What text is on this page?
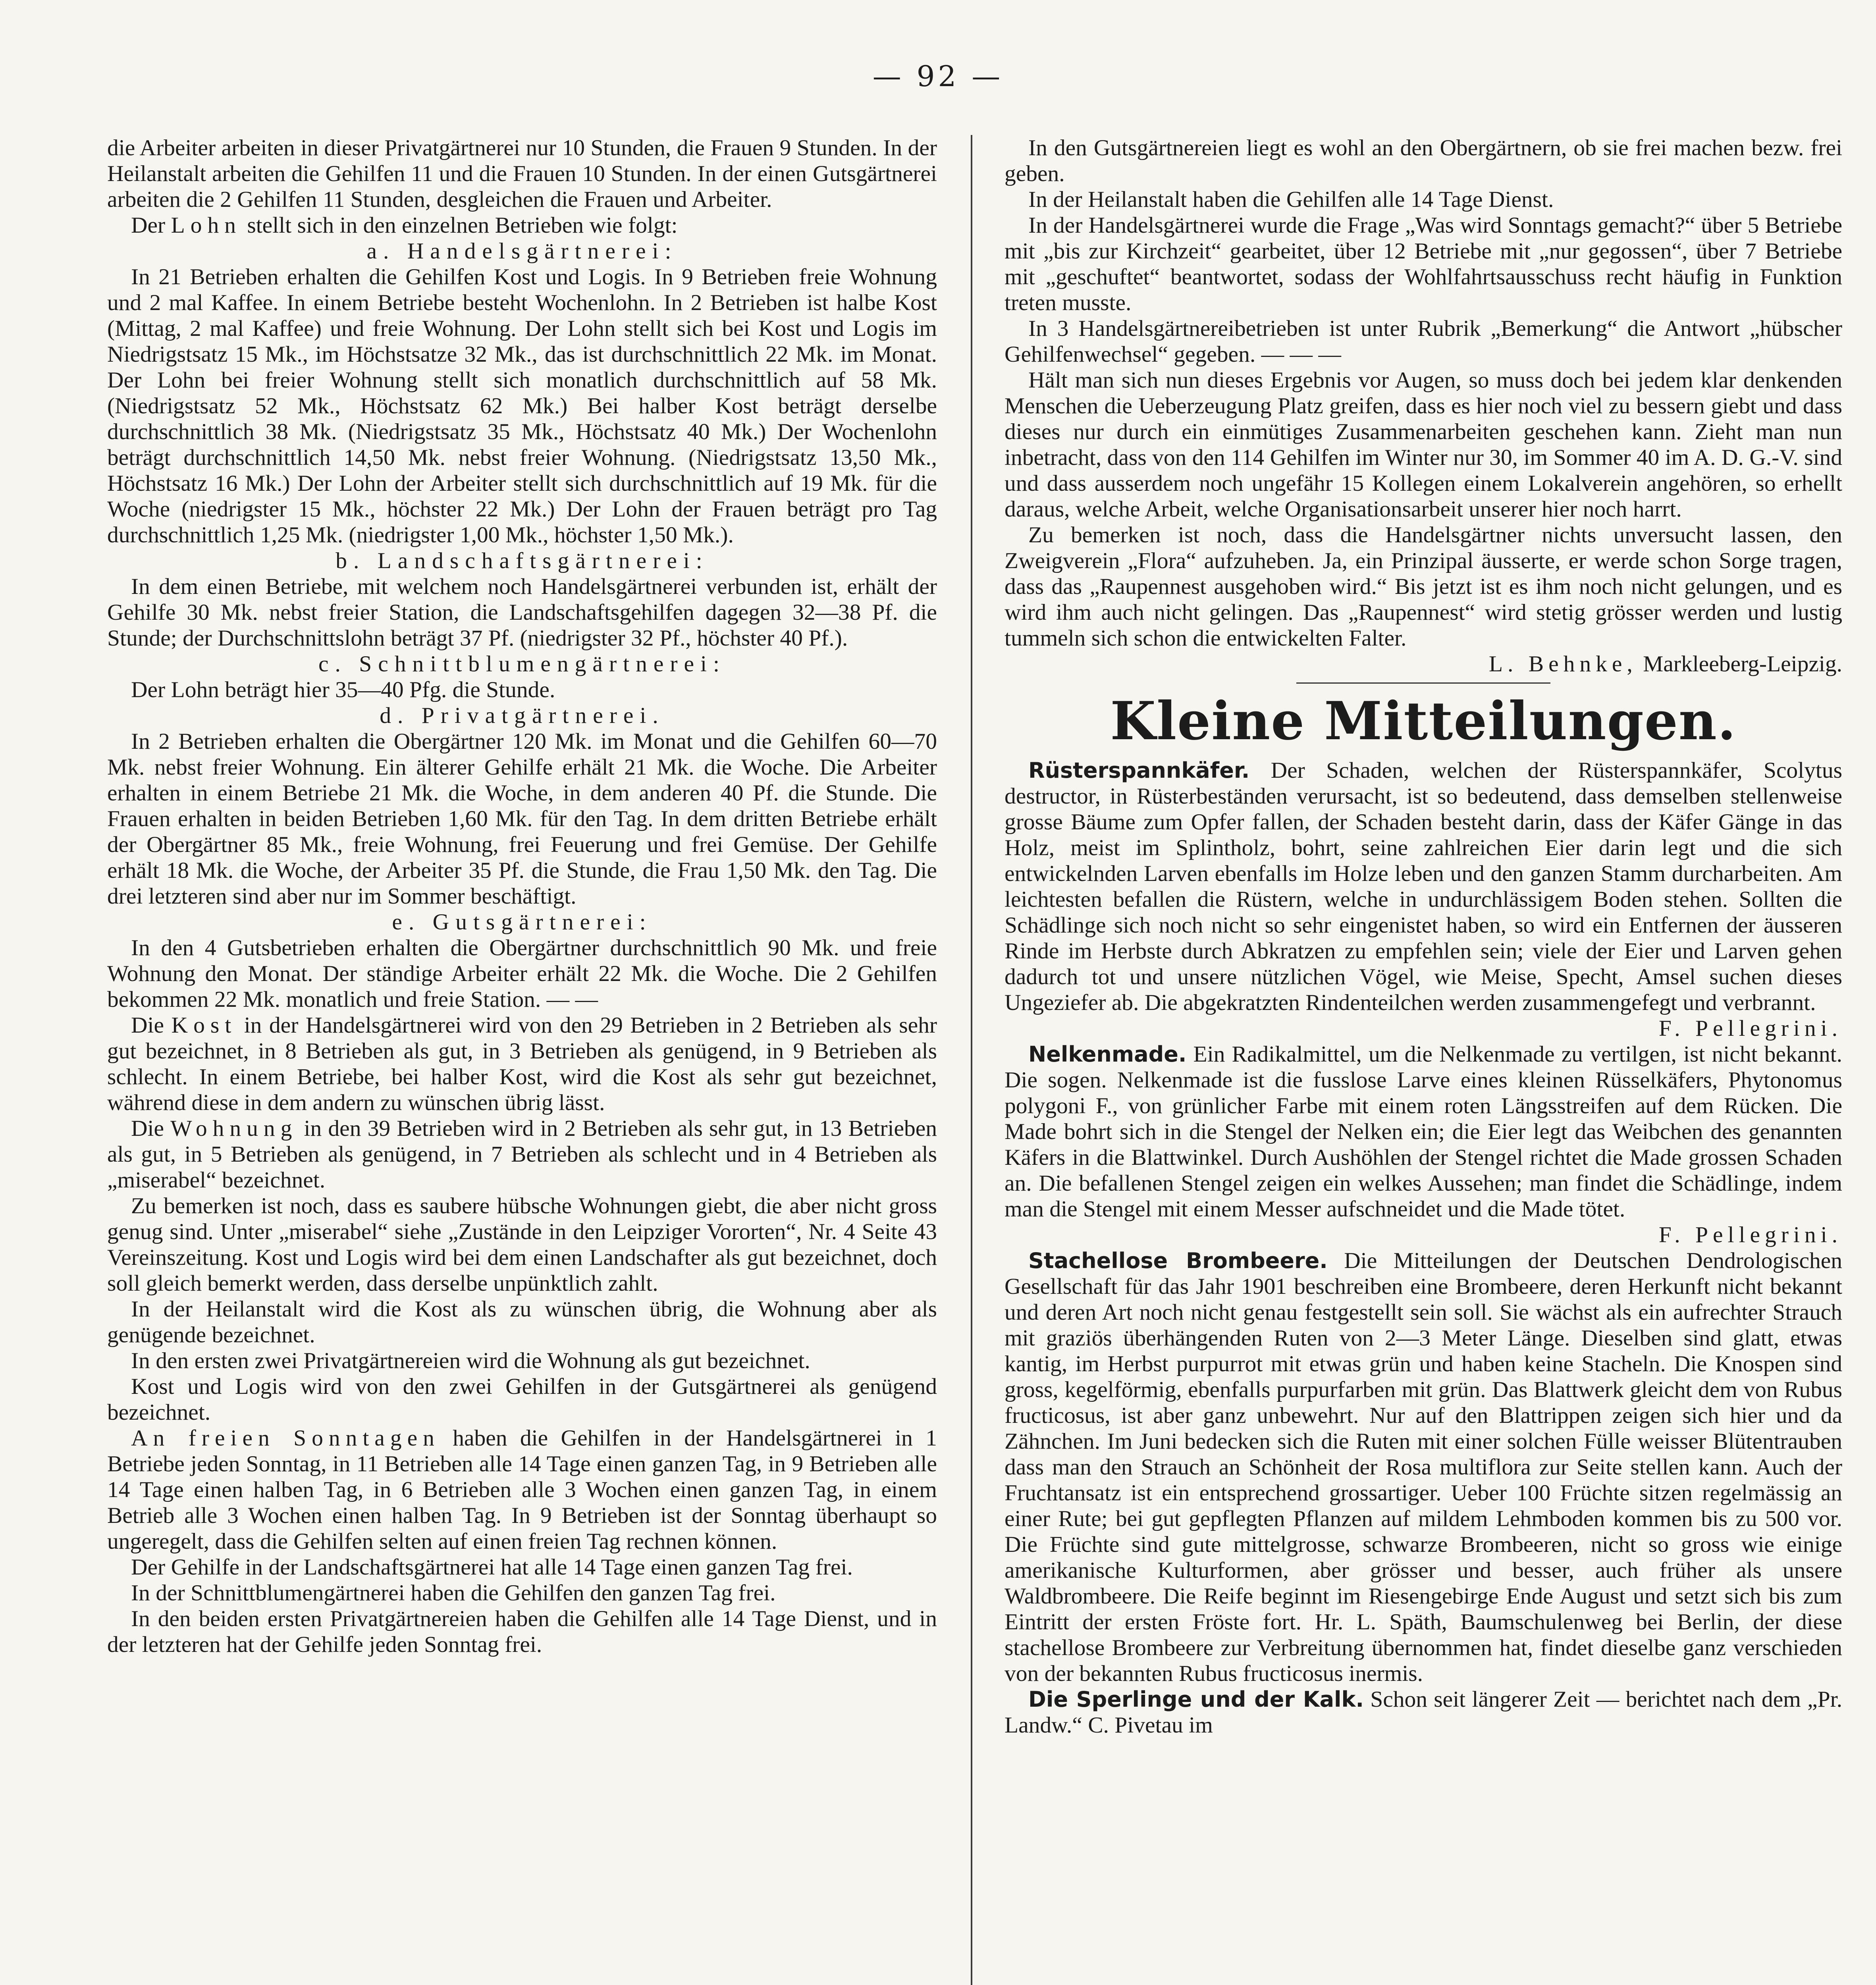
— 92 —

die Arbeiter arbeiten in dieser Privatgärtnerei nur 10 Stunden, die Frauen 9 Stunden. In der Heilanstalt arbeiten die Gehilfen 11 und die Frauen 10 Stunden. In der einen Gutsgärtnerei arbeiten die 2 Gehilfen 11 Stunden, desgleichen die Frauen und Arbeiter.

Der Lohn stellt sich in den einzelnen Betrieben wie folgt:

a. Handelsgärtnerei:

In 21 Betrieben erhalten die Gehilfen Kost und Logis. In 9 Betrieben freie Wohnung und 2 mal Kaffee. In einem Betriebe besteht Wochenlohn. In 2 Betrieben ist halbe Kost (Mittag, 2 mal Kaffee) und freie Wohnung. Der Lohn stellt sich bei Kost und Logis im Niedrigstsatz 15 Mk., im Höchstsatze 32 Mk., das ist durchschnittlich 22 Mk. im Monat. Der Lohn bei freier Wohnung stellt sich monatlich durchschnittlich auf 58 Mk. (Niedrigstsatz 52 Mk., Höchstsatz 62 Mk.) Bei halber Kost beträgt derselbe durchschnittlich 38 Mk. (Niedrigstsatz 35 Mk., Höchstsatz 40 Mk.) Der Wochenlohn beträgt durchschnittlich 14,50 Mk. nebst freier Wohnung. (Niedrigstsatz 13,50 Mk., Höchstsatz 16 Mk.) Der Lohn der Arbeiter stellt sich durchschnittlich auf 19 Mk. für die Woche (niedrigster 15 Mk., höchster 22 Mk.) Der Lohn der Frauen beträgt pro Tag durchschnittlich 1,25 Mk. (niedrigster 1,00 Mk., höchster 1,50 Mk.).

b. Landschaftsgärtnerei:

In dem einen Betriebe, mit welchem noch Handelsgärtnerei verbunden ist, erhält der Gehilfe 30 Mk. nebst freier Station, die Landschaftsgehilfen dagegen 32—38 Pf. die Stunde; der Durchschnittslohn beträgt 37 Pf. (niedrigster 32 Pf., höchster 40 Pf.).

c. Schnittblumengärtnerei:

Der Lohn beträgt hier 35—40 Pfg. die Stunde.

d. Privatgärtnerei.

In 2 Betrieben erhalten die Obergärtner 120 Mk. im Monat und die Gehilfen 60—70 Mk. nebst freier Wohnung. Ein älterer Gehilfe erhält 21 Mk. die Woche. Die Arbeiter erhalten in einem Betriebe 21 Mk. die Woche, in dem anderen 40 Pf. die Stunde. Die Frauen erhalten in beiden Betrieben 1,60 Mk. für den Tag. In dem dritten Betriebe erhält der Obergärtner 85 Mk., freie Wohnung, frei Feuerung und frei Gemüse. Der Gehilfe erhält 18 Mk. die Woche, der Arbeiter 35 Pf. die Stunde, die Frau 1,50 Mk. den Tag. Die drei letzteren sind aber nur im Sommer beschäftigt.

e. Gutsgärtnerei:

In den 4 Gutsbetrieben erhalten die Obergärtner durchschnittlich 90 Mk. und freie Wohnung den Monat. Der ständige Arbeiter erhält 22 Mk. die Woche. Die 2 Gehilfen bekommen 22 Mk. monatlich und freie Station. — —

Die Kost in der Handelsgärtnerei wird von den 29 Betrieben in 2 Betrieben als sehr gut bezeichnet, in 8 Betrieben als gut, in 3 Betrieben als genügend, in 9 Betrieben als schlecht. In einem Betriebe, bei halber Kost, wird die Kost als sehr gut bezeichnet, während diese in dem andern zu wünschen übrig lässt.

Die Wohnung in den 39 Betrieben wird in 2 Betrieben als sehr gut, in 13 Betrieben als gut, in 5 Betrieben als genügend, in 7 Betrieben als schlecht und in 4 Betrieben als „miserabel“ bezeichnet.

Zu bemerken ist noch, dass es saubere hübsche Wohnungen giebt, die aber nicht gross genug sind. Unter „miserabel“ siehe „Zustände in den Leipziger Vororten“, Nr. 4 Seite 43 Vereinszeitung. Kost und Logis wird bei dem einen Landschafter als gut bezeichnet, doch soll gleich bemerkt werden, dass derselbe unpünktlich zahlt.

In der Heilanstalt wird die Kost als zu wünschen übrig, die Wohnung aber als genügende bezeichnet.

In den ersten zwei Privatgärtnereien wird die Wohnung als gut bezeichnet.

Kost und Logis wird von den zwei Gehilfen in der Gutsgärtnerei als genügend bezeichnet.

An freien Sonntagen haben die Gehilfen in der Handelsgärtnerei in 1 Betriebe jeden Sonntag, in 11 Betrieben alle 14 Tage einen ganzen Tag, in 9 Betrieben alle 14 Tage einen halben Tag, in 6 Betrieben alle 3 Wochen einen ganzen Tag, in einem Betrieb alle 3 Wochen einen halben Tag. In 9 Betrieben ist der Sonntag überhaupt so ungeregelt, dass die Gehilfen selten auf einen freien Tag rechnen können.

Der Gehilfe in der Landschaftsgärtnerei hat alle 14 Tage einen ganzen Tag frei.

In der Schnittblumengärtnerei haben die Gehilfen den ganzen Tag frei.

In den beiden ersten Privatgärtnereien haben die Gehilfen alle 14 Tage Dienst, und in der letzteren hat der Gehilfe jeden Sonntag frei.

In den Gutsgärtnereien liegt es wohl an den Obergärtnern, ob sie frei machen bezw. frei geben.

In der Heilanstalt haben die Gehilfen alle 14 Tage Dienst.

In der Handelsgärtnerei wurde die Frage „Was wird Sonntags gemacht?“ über 5 Betriebe mit „bis zur Kirchzeit“ gearbeitet, über 12 Betriebe mit „nur gegossen“, über 7 Betriebe mit „geschuftet“ beantwortet, sodass der Wohlfahrtsausschuss recht häufig in Funktion treten musste.

In 3 Handelsgärtnereibetrieben ist unter Rubrik „Bemerkung“ die Antwort „hübscher Gehilfenwechsel“ gegeben. — — —

Hält man sich nun dieses Ergebnis vor Augen, so muss doch bei jedem klar denkenden Menschen die Ueberzeugung Platz greifen, dass es hier noch viel zu bessern giebt und dass dieses nur durch ein einmütiges Zusammenarbeiten geschehen kann. Zieht man nun inbetracht, dass von den 114 Gehilfen im Winter nur 30, im Sommer 40 im A. D. G.-V. sind und dass ausserdem noch ungefähr 15 Kollegen einem Lokalverein angehören, so erhellt daraus, welche Arbeit, welche Organisationsarbeit unserer hier noch harrt.

Zu bemerken ist noch, dass die Handelsgärtner nichts unversucht lassen, den Zweigverein „Flora“ aufzuheben. Ja, ein Prinzipal äusserte, er werde schon Sorge tragen, dass das „Raupennest ausgehoben wird.“ Bis jetzt ist es ihm noch nicht gelungen, und es wird ihm auch nicht gelingen. Das „Raupennest“ wird stetig grösser werden und lustig tummeln sich schon die entwickelten Falter.

L. Behnke, Markleeberg-Leipzig.

Kleine Mitteilungen.

Rüsterspannkäfer. Der Schaden, welchen der Rüsterspannkäfer, Scolytus destructor, in Rüsterbeständen verursacht, ist so bedeutend, dass demselben stellenweise grosse Bäume zum Opfer fallen, der Schaden besteht darin, dass der Käfer Gänge in das Holz, meist im Splintholz, bohrt, seine zahlreichen Eier darin legt und die sich entwickelnden Larven ebenfalls im Holze leben und den ganzen Stamm durcharbeiten. Am leichtesten befallen die Rüstern, welche in undurchlässigem Boden stehen. Sollten die Schädlinge sich noch nicht so sehr eingenistet haben, so wird ein Entfernen der äusseren Rinde im Herbste durch Abkratzen zu empfehlen sein; viele der Eier und Larven gehen dadurch tot und unsere nützlichen Vögel, wie Meise, Specht, Amsel suchen dieses Ungeziefer ab. Die abgekratzten Rindenteilchen werden zusammengefegt und verbrannt.

F. Pellegrini.

Nelkenmade. Ein Radikalmittel, um die Nelkenmade zu vertilgen, ist nicht bekannt. Die sogen. Nelkenmade ist die fusslose Larve eines kleinen Rüsselkäfers, Phytonomus polygoni F., von grünlicher Farbe mit einem roten Längsstreifen auf dem Rücken. Die Made bohrt sich in die Stengel der Nelken ein; die Eier legt das Weibchen des genannten Käfers in die Blattwinkel. Durch Aushöhlen der Stengel richtet die Made grossen Schaden an. Die befallenen Stengel zeigen ein welkes Aussehen; man findet die Schädlinge, indem man die Stengel mit einem Messer aufschneidet und die Made tötet.

F. Pellegrini.

Stachellose Brombeere. Die Mitteilungen der Deutschen Dendrologischen Gesellschaft für das Jahr 1901 beschreiben eine Brombeere, deren Herkunft nicht bekannt und deren Art noch nicht genau festgestellt sein soll. Sie wächst als ein aufrechter Strauch mit graziös überhängenden Ruten von 2—3 Meter Länge. Dieselben sind glatt, etwas kantig, im Herbst purpurrot mit etwas grün und haben keine Stacheln. Die Knospen sind gross, kegelförmig, ebenfalls purpurfarben mit grün. Das Blattwerk gleicht dem von Rubus fructicosus, ist aber ganz unbewehrt. Nur auf den Blattrippen zeigen sich hier und da Zähnchen. Im Juni bedecken sich die Ruten mit einer solchen Fülle weisser Blütentrauben dass man den Strauch an Schönheit der Rosa multiflora zur Seite stellen kann. Auch der Fruchtansatz ist ein entsprechend grossartiger. Ueber 100 Früchte sitzen regelmässig an einer Rute; bei gut gepflegten Pflanzen auf mildem Lehmboden kommen bis zu 500 vor. Die Früchte sind gute mittelgrosse, schwarze Brombeeren, nicht so gross wie einige amerikanische Kulturformen, aber grösser und besser, auch früher als unsere Waldbrombeere. Die Reife beginnt im Riesengebirge Ende August und setzt sich bis zum Eintritt der ersten Fröste fort. Hr. L. Späth, Baumschulenweg bei Berlin, der diese stachellose Brombeere zur Verbreitung übernommen hat, findet dieselbe ganz verschieden von der bekannten Rubus fructicosus inermis.

Die Sperlinge und der Kalk. Schon seit längerer Zeit — berichtet nach dem „Pr. Landw.“ C. Pivetau im
